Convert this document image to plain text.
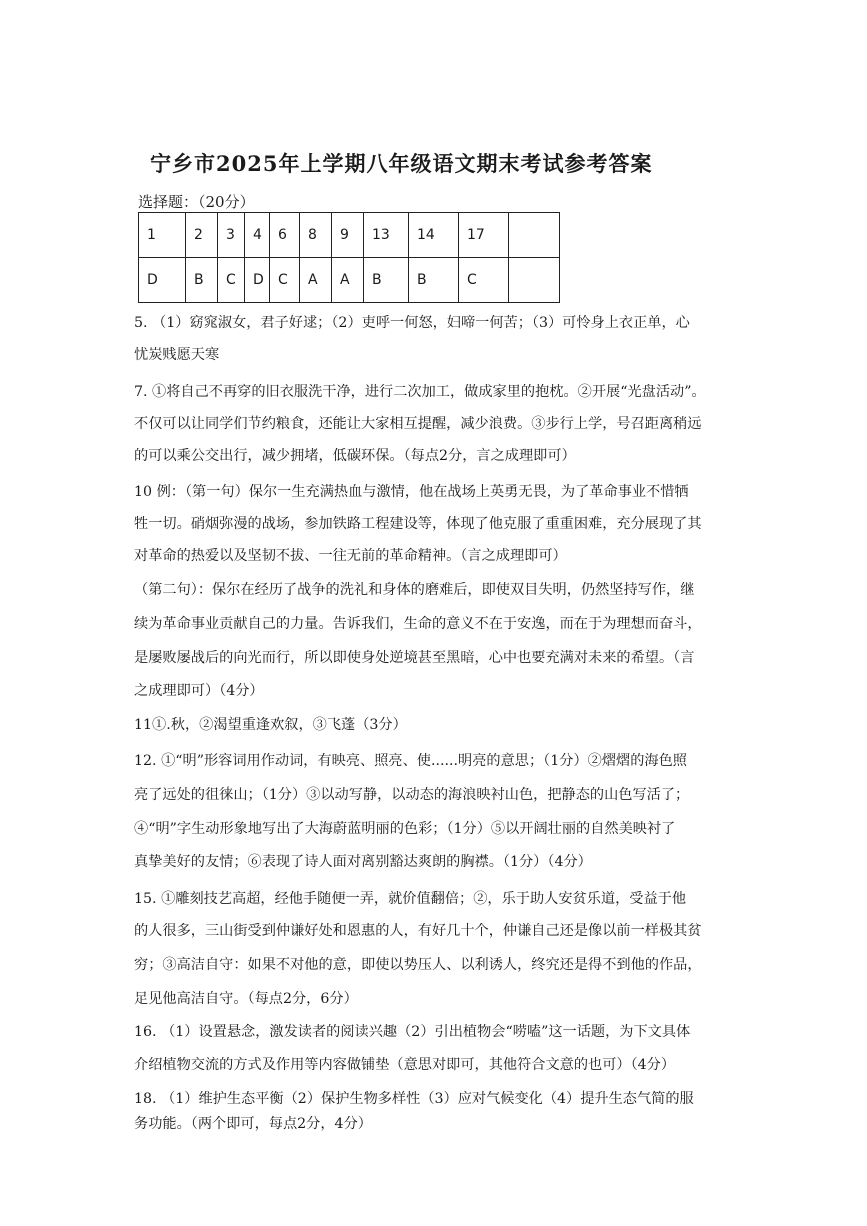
宁乡市2025年上学期八年级语文期末考试参考答案
选择题：（20分）
1	2	3	4	6	8	9	13	14	17	
D	B	C	D	C	A	A	B	B	C	
5. （1）窈窕淑女，君子好逑；（2）吏呼一何怒，妇啼一何苦；（3）可怜身上衣正单，心
忧炭贱愿天寒
7. ①将自己不再穿的旧衣服洗干净，进行二次加工，做成家里的抱枕。②开展“光盘活动”。
不仅可以让同学们节约粮食，还能让大家相互提醒，减少浪费。③步行上学，号召距离稍远
的可以乘公交出行，减少拥堵，低碳环保。（每点2分，言之成理即可）
10 例：（第一句）保尔一生充满热血与激情，他在战场上英勇无畏，为了革命事业不惜牺
牲一切。硝烟弥漫的战场，参加铁路工程建设等，体现了他克服了重重困难，充分展现了其
对革命的热爱以及坚韧不拔、一往无前的革命精神。（言之成理即可）
（第二句）：保尔在经历了战争的洗礼和身体的磨难后，即使双目失明，仍然坚持写作，继
续为革命事业贡献自己的力量。告诉我们，生命的意义不在于安逸，而在于为理想而奋斗，
是屡败屡战后的向光而行，所以即使身处逆境甚至黑暗，心中也要充满对未来的希望。（言
之成理即可）（4分）
11①.秋，②渴望重逢欢叙，③飞蓬（3分）
12. ①“明”形容词用作动词，有映亮、照亮、使......明亮的意思；（1分）②熠熠的海色照
亮了远处的徂徕山；（1分）③以动写静，以动态的海浪映衬山色，把静态的山色写活了；
④“明”字生动形象地写出了大海蔚蓝明丽的色彩；（1分）⑤以开阔壮丽的自然美映衬了
真挚美好的友情；⑥表现了诗人面对离别豁达爽朗的胸襟。（1分）（4分）
15. ①雕刻技艺高超，经他手随便一弄，就价值翻倍；②，乐于助人安贫乐道，受益于他
的人很多，三山街受到仲谦好处和恩惠的人，有好几十个，仲谦自己还是像以前一样极其贫
穷；③高洁自守：如果不对他的意，即使以势压人、以利诱人，终究还是得不到他的作品，
足见他高洁自守。（每点2分，6分）
16. （1）设置悬念，激发读者的阅读兴趣（2）引出植物会“唠嗑”这一话题，为下文具体
介绍植物交流的方式及作用等内容做铺垫（意思对即可，其他符合文意的也可）（4分）
18. （1）维护生态平衡（2）保护生物多样性（3）应对气候变化（4）提升生态气简的服
务功能。（两个即可，每点2分，4分）
